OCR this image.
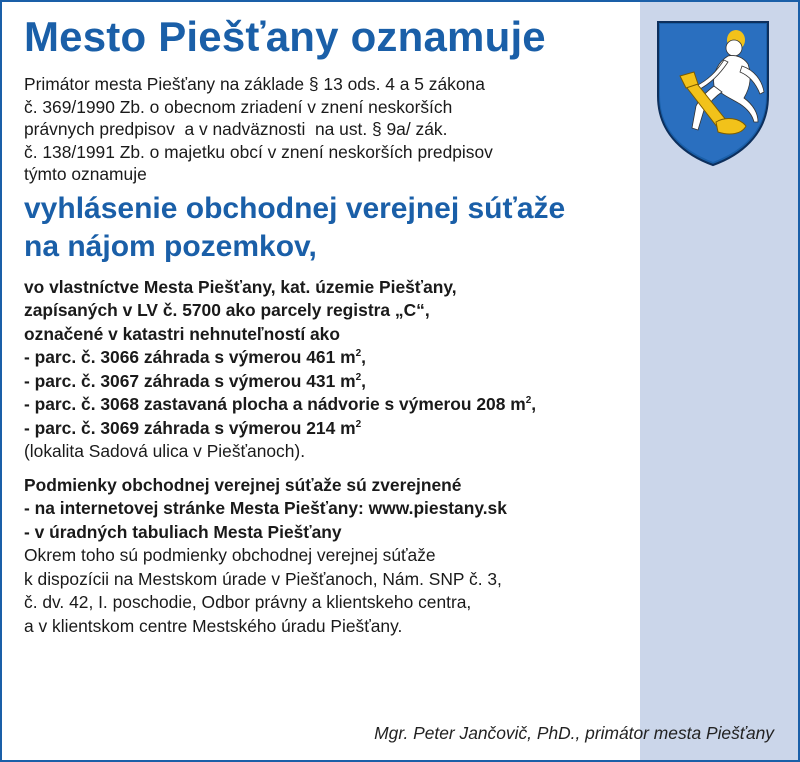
Mesto Piešťany oznamuje
Primátor mesta Piešťany na základe § 13 ods. 4 a 5 zákona
č. 369/1990 Zb. o obecnom zriadení v znení neskorších
právnych predpisov  a v nadväznosti  na ust. § 9a/ zák.
č. 138/1991 Zb. o majetku obcí v znení neskorších predpisov
týmto oznamuje
vyhlásenie obchodnej verejnej súťaže
na nájom pozemkov,
vo vlastníctve Mesta Piešťany, kat. územie Piešťany,
zapísaných v LV č. 5700 ako parcely registra „C“,
označené v katastri nehnuteľností ako
- parc. č. 3066 záhrada s výmerou 461 $m^2$,
- parc. č. 3067 záhrada s výmerou 431 $m^2$,
- parc. č. 3068 zastavaná plocha a nádvorie s výmerou 208 $m^2$,
- parc. č. 3069 záhrada s výmerou 214 $m^2$
(lokalita Sadová ulica v Piešťanoch).
Podmienky obchodnej verejnej súťaže sú zverejnené
- na internetovej stránke Mesta Piešťany: www.piestany.sk
- v úradných tabuliach Mesta Piešťany
Okrem toho sú podmienky obchodnej verejnej súťaže
k dispozícii na Mestskom úrade v Piešťanoch, Nám. SNP č. 3,
č. dv. 42, I. poschodie, Odbor právny a klientskeho centra,
a v klientskom centre Mestského úradu Piešťany.
Mgr. Peter Jančovič, PhD., primátor mesta Piešťany
